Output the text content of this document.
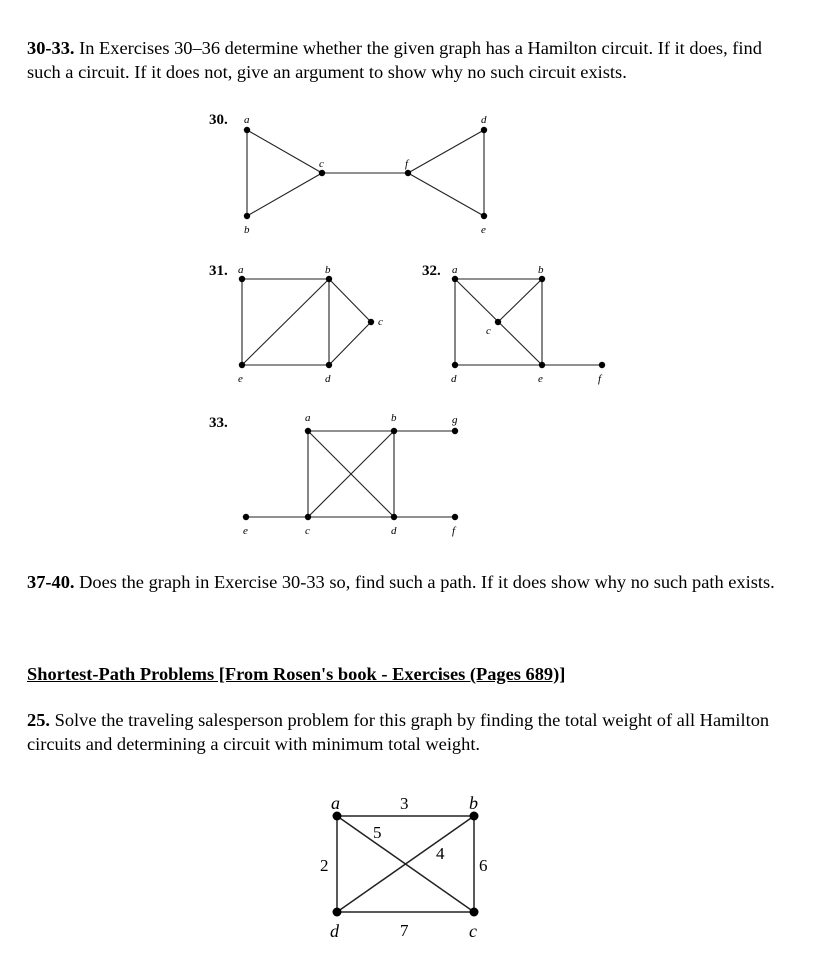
30-33. In Exercises 30–36 determine whether the given graph has a Hamilton circuit. If it does, find such a circuit. If it does not, give an argument to show why no such circuit exists.

30. a
b
c	f
d
e
31. a	b
c
e	d
32. a	b
c
d	e	f
33.	a	b	g
e	c	d	f
a	b
c
d
3
5
4
2	6
7

37-40. Does the graph in Exercise 30-33 so, find such a path. If it does show why no such path exists.

Shortest-Path Problems [From Rosen's book - Exercises (Pages 689)]

25. Solve the traveling salesperson problem for this graph by finding the total weight of all Hamilton circuits and determining a circuit with minimum total weight.
